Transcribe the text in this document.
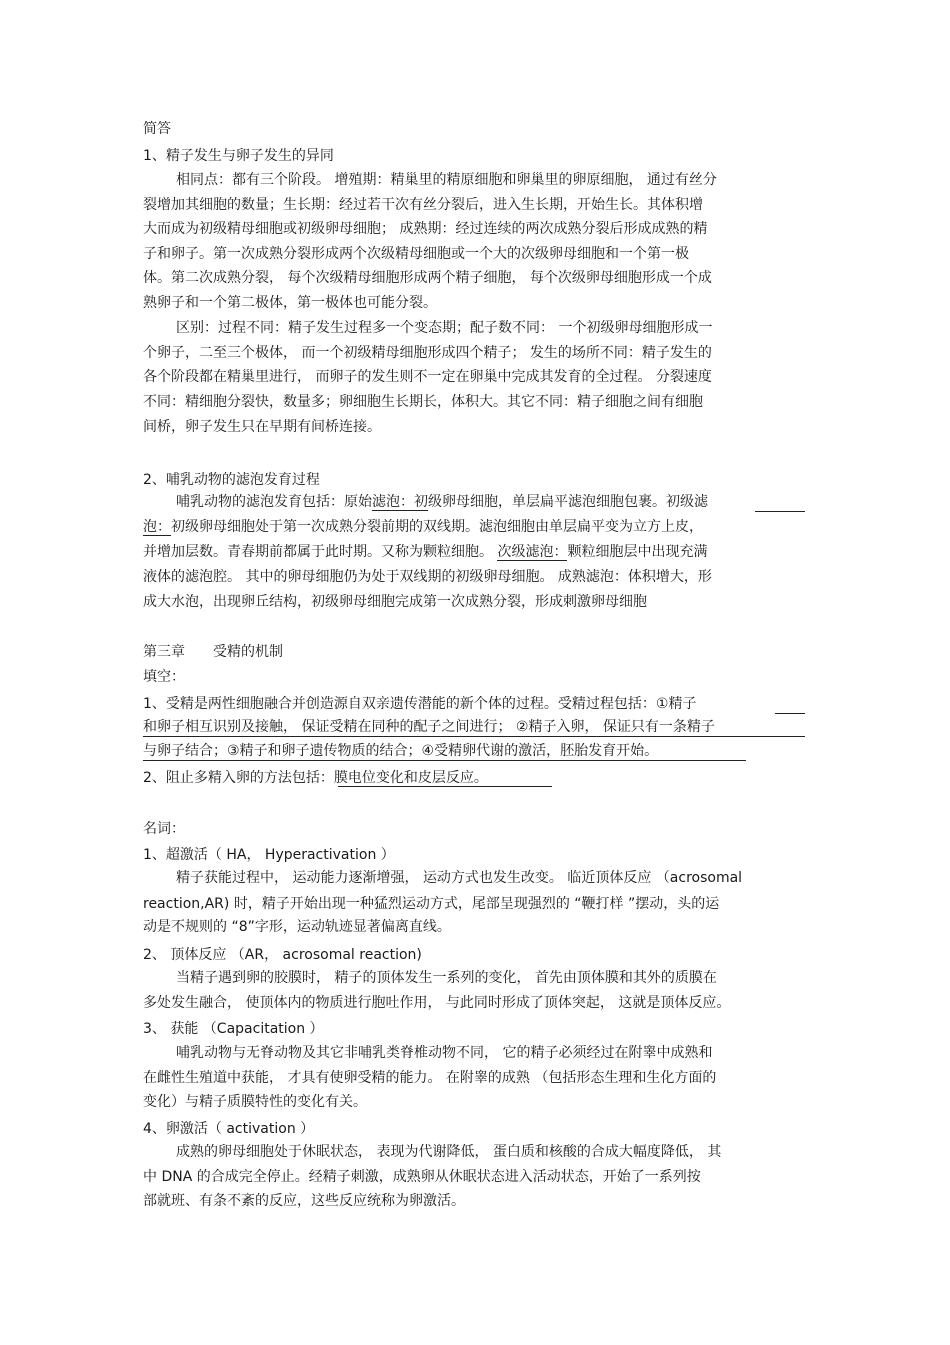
简答
1、精子发生与卵子发生的异同
相同点：都有三个阶段。 增殖期：精巢里的精原细胞和卵巢里的卵原细胞， 通过有丝分
裂增加其细胞的数量；生长期：经过若干次有丝分裂后，进入生长期，开始生长。其体积增
大而成为初级精母细胞或初级卵母细胞； 成熟期：经过连续的两次成熟分裂后形成成熟的精
子和卵子。第一次成熟分裂形成两个次级精母细胞或一个大的次级卵母细胞和一个第一极
体。第二次成熟分裂， 每个次级精母细胞形成两个精子细胞， 每个次级卵母细胞形成一个成
熟卵子和一个第二极体，第一极体也可能分裂。
区别：过程不同：精子发生过程多一个变态期；配子数不同： 一个初级卵母细胞形成一
个卵子，二至三个极体， 而一个初级精母细胞形成四个精子； 发生的场所不同：精子发生的
各个阶段都在精巢里进行， 而卵子的发生则不一定在卵巢中完成其发育的全过程。 分裂速度
不同：精细胞分裂快，数量多；卵细胞生长期长，体积大。其它不同：精子细胞之间有细胞
间桥，卵子发生只在早期有间桥连接。
2、哺乳动物的滤泡发育过程
哺乳动物的滤泡发育包括：原始滤泡：初级卵母细胞，单层扁平滤泡细胞包裹。初级滤
泡：初级卵母细胞处于第一次成熟分裂前期的双线期。滤泡细胞由单层扁平变为立方上皮，
并增加层数。青春期前都属于此时期。又称为颗粒细胞。 次级滤泡：颗粒细胞层中出现充满
液体的滤泡腔。 其中的卵母细胞仍为处于双线期的初级卵母细胞。 成熟滤泡：体积增大，形
成大水泡，出现卵丘结构，初级卵母细胞完成第一次成熟分裂，形成刺激卵母细胞
第三章 受精的机制
填空：
1、受精是两性细胞融合并创造源自双亲遗传潜能的新个体的过程。受精过程包括：①精子
和卵子相互识别及接触， 保证受精在同种的配子之间进行； ②精子入卵， 保证只有一条精子
与卵子结合；③精子和卵子遗传物质的结合；④受精卵代谢的激活，胚胎发育开始。
2、阻止多精入卵的方法包括：膜电位变化和皮层反应。
名词：
1、超激活（ HA， Hyperactivation ）
精子获能过程中， 运动能力逐渐增强， 运动方式也发生改变。 临近顶体反应 （acrosomal
reaction,AR) 时，精子开始出现一种猛烈运动方式，尾部呈现强烈的 “鞭打样 ”摆动，头的运
动是不规则的 “8”字形，运动轨迹显著偏离直线。
2、 顶体反应 （AR， acrosomal reaction)
当精子遇到卵的胶膜时， 精子的顶体发生一系列的变化， 首先由顶体膜和其外的质膜在
多处发生融合， 使顶体内的物质进行胞吐作用， 与此同时形成了顶体突起， 这就是顶体反应。
3、 获能 （Capacitation ）
哺乳动物与无脊动物及其它非哺乳类脊椎动物不同， 它的精子必须经过在附睾中成熟和
在雌性生殖道中获能， 才具有使卵受精的能力。 在附睾的成熟 （包括形态生理和生化方面的
变化）与精子质膜特性的变化有关。
4、卵激活（ activation ）
成熟的卵母细胞处于休眠状态， 表现为代谢降低， 蛋白质和核酸的合成大幅度降低， 其
中 DNA 的合成完全停止。经精子刺激，成熟卵从休眠状态进入活动状态，开始了一系列按
部就班、有条不紊的反应，这些反应统称为卵激活。
